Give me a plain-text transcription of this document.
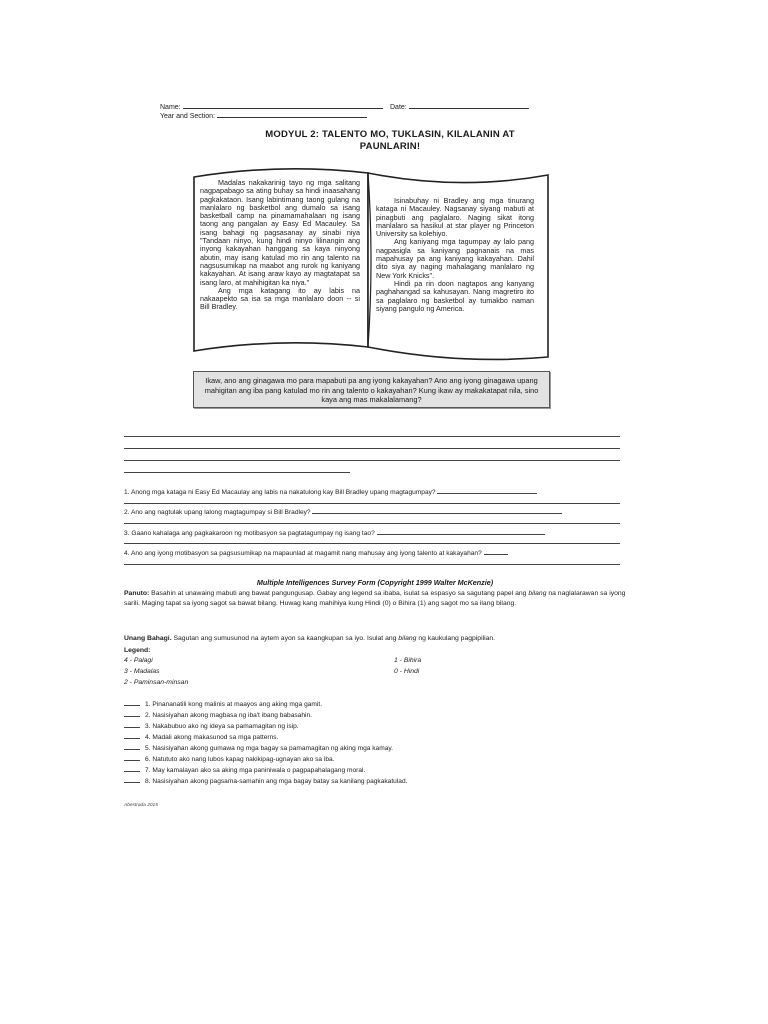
Name:	Date:
Year and Section:
MODYUL 2: TALENTO MO, TUKLASIN, KILALANIN AT
PAUNLARIN!

Madalas nakakarinig tayo ng mga salitang nagpapabago sa ating buhay sa hindi inaasahang pagkakataon. Isang labintimang taong gulang na manlalaro ng basketbol ang dumalo sa isang basketball camp na pinamamahalaan ng isang taong ang pangalan ay Easy Ed Macauley. Sa isang bahagi ng pagsasanay ay sinabi niya "Tandaan ninyo, kung hindi ninyo lilinangin ang inyong kakayahan hanggang sa kaya ninyong abutin, may isang katulad mo rin ang talento na nagsusumikap na maabot ang rurok ng kaniyang kakayahan. At isang araw kayo ay magtatapat sa isang laro, at mahihigitan ka niya."

Ang mga katagang ito ay labis na nakaapekto sa isa sa mga manlalaro doon -- si Bill Bradley.

Isinabuhay ni Bradley ang mga tinurang kataga ni Macauley. Nagsanay siyang mabuti at pinagbuti ang paglalaro. Naging sikat itong manlalaro sa hasikul at star player ng Princeton University sa kolehiyo.

Ang kaniyang mga tagumpay ay lalo pang nagpasigla sa kaniyang pagnanais na mas mapahusay pa ang kaniyang kakayahan. Dahil dito siya ay naging mahalagang manlalaro ng New York Knicks".

Hindi pa rin doon nagtapos ang kanyang paghahangad sa kahusayan. Nang magretiro ito sa paglalaro ng basketbol ay tumakbo naman siyang pangulo ng America.

Ikaw, ano ang ginagawa mo para mapabuti pa ang iyong kakayahan? Ano ang iyong ginagawa upang mahigitan ang iba pang katulad mo rin ang talento o kakayahan? Kung ikaw ay makakatapat nila, sino kaya ang mas makalalamang?
1. Anong mga kataga ni Easy Ed Macaulay ang labis na nakatulong kay Bill Bradley upang magtagumpay?
2. Ano ang nagtulak upang lalong magtagumpay si Bill Bradley?
3. Gaano kahalaga ang pagkakaroon ng motibasyon sa pagtatagumpay ng isang tao?
4. Ano ang iyong motibasyon sa pagsusumikap na mapaunlad at magamit nang mahusay ang iyong talento at kakayahan?
Multiple Intelligences Survey Form (Copyright 1999 Walter McKenzie)
Panuto: Basahin at unawaing mabuti ang bawat pangungusap. Gabay ang legend sa ibaba, isulat sa espasyo sa sagutang papel ang bilang na naglalarawan sa iyong sarili. Maging tapat sa iyong sagot sa bawat bilang. Huwag kang mahihiya kung Hindi (0) o Bihira (1) ang sagot mo sa ilang bilang.
Unang Bahagi. Sagutan ang sumusunod na aytem ayon sa kaangkupan sa iyo. Isulat ang bilang ng kaukulang pagpipilian.
Legend:
4 - Palagi
3 - Madalas
2 - Paminsan-minsan
1 - Bihira
0 - Hindi
1. Pinananatili kong malinis at maayos ang aking mga gamit.
2. Nasisiyahan akong magbasa ng iba't ibang babasahin.
3. Nakabubuo ako ng ideya sa pamamagitan ng isip.
4. Madali akong makasunod sa mga patterns.
5. Nasisiyahan akong gumawa ng mga bagay sa pamamagitan ng aking mga kamay.
6. Natututo ako nang lubos kapag nakikipag-ugnayan ako sa iba.
7. May kamalayan ako sa aking mga paniniwala o pagpapahalagang moral.
8. Nasisiyahan akong pagsama-samahin ang mga bagay batay sa kanilang pagkakatulad.
Abestrada 2015
